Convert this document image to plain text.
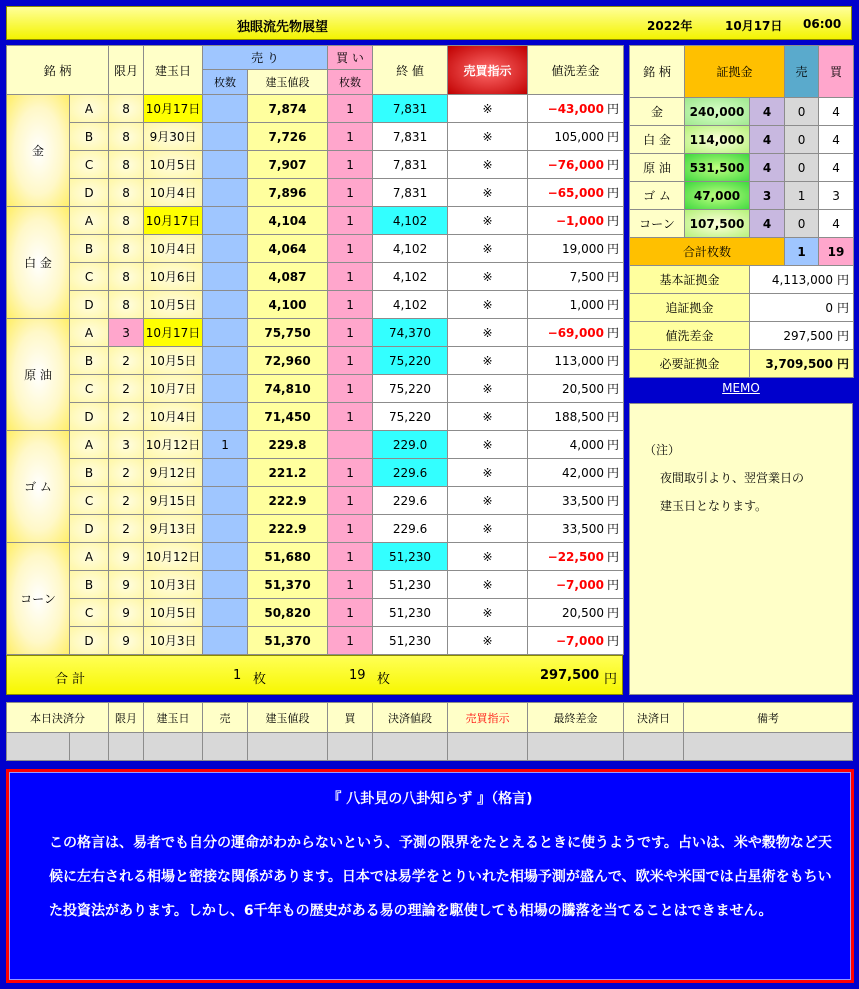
独眼流先物展望	2022年	10月17日 06:00
銘 柄		限月	建玉日	売 り		買 い	終 値	売買指示	値洗差金
				枚数	建玉値段	枚数			
金	A	8	10月17日		7,874	1	7,831	※	−43,000 円
	B	8	9月30日		7,726	1	7,831	※	105,000 円
	C	8	10月5日		7,907	1	7,831	※	−76,000 円
	D	8	10月4日		7,896	1	7,831	※	−65,000 円
白 金	A	8	10月17日		4,104	1	4,102	※	−1,000 円
	B	8	10月4日		4,064	1	4,102	※	19,000 円
	C	8	10月6日		4,087	1	4,102	※	7,500 円
	D	8	10月5日		4,100	1	4,102	※	1,000 円
原 油	A	3	10月17日		75,750	1	74,370	※	−69,000 円
	B	2	10月5日		72,960	1	75,220	※	113,000 円
	C	2	10月7日		74,810	1	75,220	※	20,500 円
	D	2	10月4日		71,450	1	75,220	※	188,500 円
ゴ ム	A	3	10月12日	1	229.8		229.0	※	4,000 円
	B	2	9月12日		221.2	1	229.6	※	42,000 円
	C	2	9月15日		222.9	1	229.6	※	33,500 円
	D	2	9月13日		222.9	1	229.6	※	33,500 円
コーン	A	9	10月12日		51,680	1	51,230	※	−22,500 円
	B	9	10月3日		51,370	1	51,230	※	−7,000 円
	C	9	10月5日		50,820	1	51,230	※	20,500 円
	D	9	10月3日		51,370	1	51,230	※	−7,000 円
合 計	1 枚	19 枚	297,500 円
銘 柄	証拠金		売	買
金	240,000	4	0	4
白 金	114,000	4	0	4
原 油	531,500	4	0	4
ゴ ム	47,000	3	1	3
コーン	107,500	4	0	4
合計枚数			1	19
基本証拠金		4,113,000 円		
追証拠金		0 円		
値洗差金		297,500 円		
必要証拠金		3,709,500 円		
MEMO
（注）
夜間取引より、翌営業日の
建玉日となります。
本日決済分		限月	建玉日	売	建玉値段	買	決済値段	売買指示	最終差金	決済日	備考

『 八卦見の八卦知らず 』（格言)
この格言は、易者でも自分の運命がわからないという、予測の限界をたとえるときに使うようです。占いは、米や穀物など天候に左右される相場と密接な関係があります。日本では易学をとりいれた相場予測が盛んで、欧米や米国では占星術をもちいた投資法があります。しかし、6千年もの歴史がある易の理論を駆使しても相場の騰落を当てることはできません。
